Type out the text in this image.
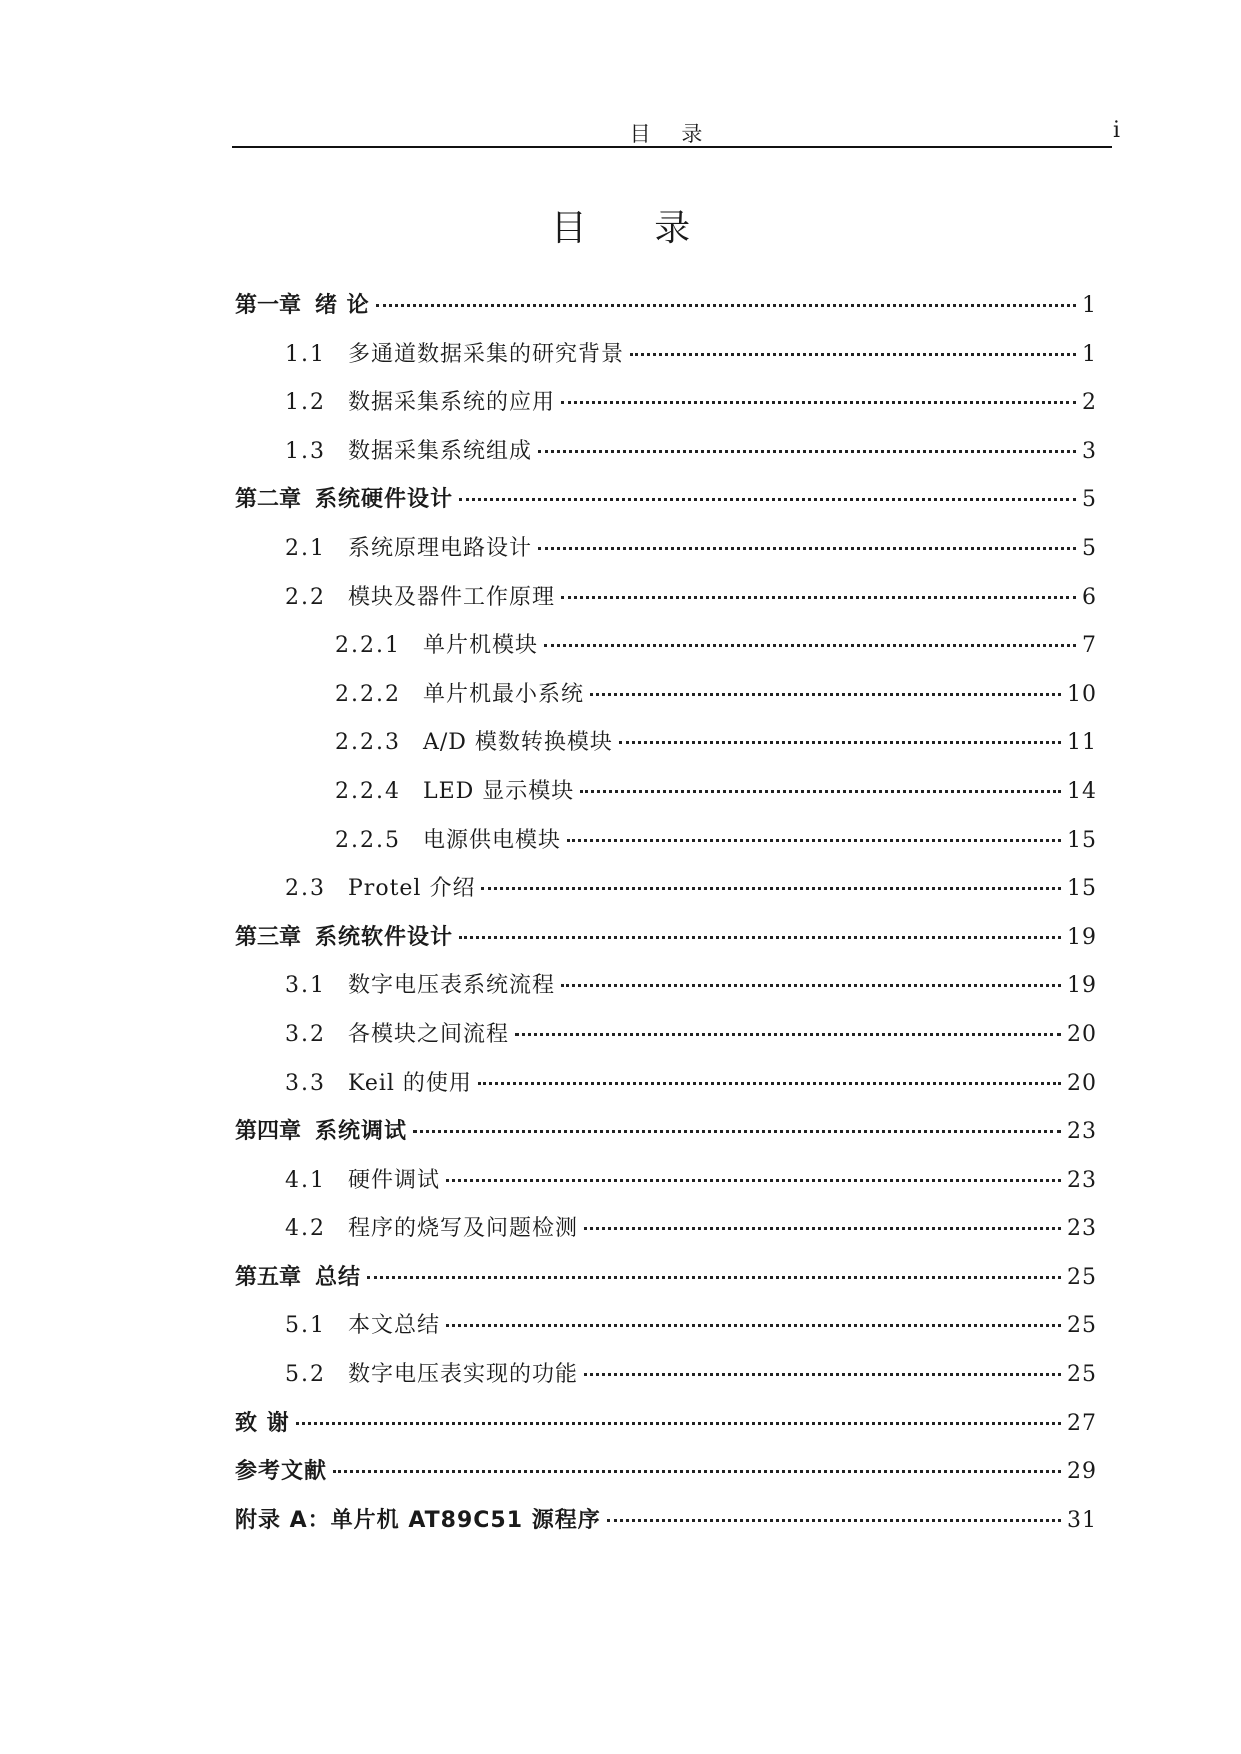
目 录	i
目 录
第一章 绪 论	1
1.1 多通道数据采集的研究背景	1
1.2 数据采集系统的应用	2
1.3 数据采集系统组成	3
第二章 系统硬件设计	5
2.1 系统原理电路设计	5
2.2 模块及器件工作原理	6
2.2.1 单片机模块	7
2.2.2 单片机最小系统	10
2.2.3 A/D 模数转换模块	11
2.2.4 LED 显示模块	14
2.2.5 电源供电模块	15
2.3 Protel 介绍	15
第三章 系统软件设计	19
3.1 数字电压表系统流程	19
3.2 各模块之间流程	20
3.3 Keil 的使用	20
第四章 系统调试	23
4.1 硬件调试	23
4.2 程序的烧写及问题检测	23
第五章 总结	25
5.1 本文总结	25
5.2 数字电压表实现的功能	25
致 谢	27
参考文献	29
附录 A：单片机 AT89C51 源程序	31
